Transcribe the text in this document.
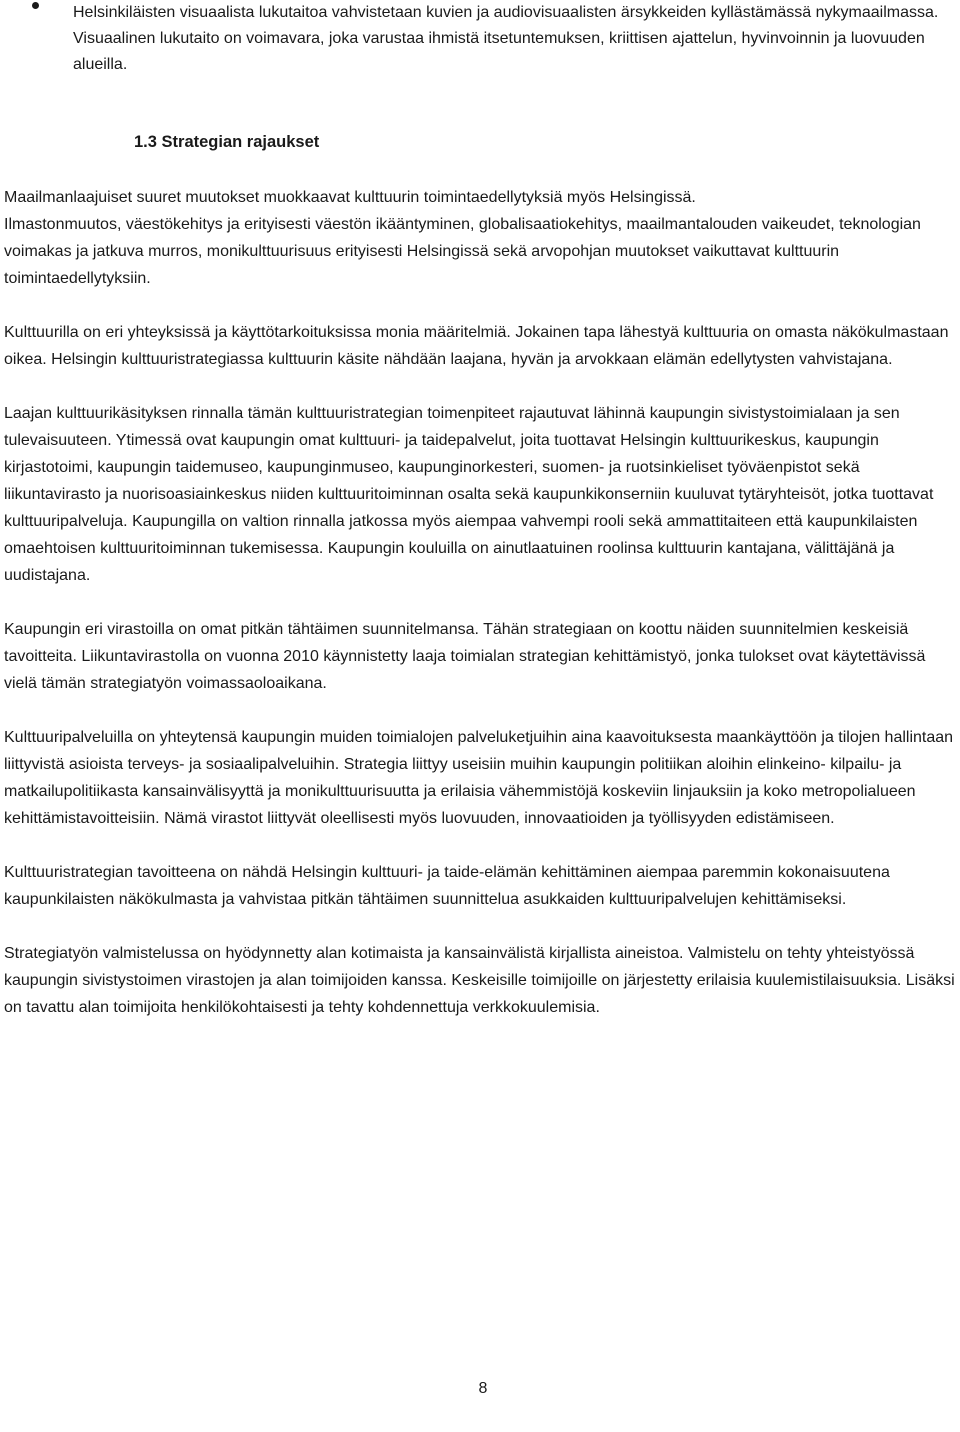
Helsinkiläisten visuaalista lukutaitoa vahvistetaan kuvien ja audiovisuaalisten ärsykkeiden kyllästämässä nykymaailmassa. Visuaalinen lukutaito on voimavara, joka varustaa ihmistä itsetuntemuksen, kriittisen ajattelun, hyvinvoinnin ja luovuuden alueilla.
1.3 Strategian rajaukset

Maailmanlaajuiset suuret muutokset muokkaavat kulttuurin toimintaedellytyksiä myös Helsingissä.

Ilmastonmuutos, väestökehitys ja erityisesti väestön ikääntyminen, globalisaatiokehitys, maailmantalouden vaikeudet, teknologian voimakas ja jatkuva murros, monikulttuurisuus erityisesti Helsingissä sekä arvopohjan muutokset vaikuttavat kulttuurin toimintaedellytyksiin.

Kulttuurilla on eri yhteyksissä ja käyttötarkoituksissa monia määritelmiä. Jokainen tapa lähestyä kulttuuria on omasta näkökulmastaan oikea. Helsingin kulttuuristrategiassa kulttuurin käsite nähdään laajana, hyvän ja arvokkaan elämän edellytysten vahvistajana.

Laajan kulttuurikäsityksen rinnalla tämän kulttuuristrategian toimenpiteet rajautuvat lähinnä kaupungin sivistystoimialaan ja sen tulevaisuuteen. Ytimessä ovat kaupungin omat kulttuuri- ja taidepalvelut, joita tuottavat Helsingin kulttuurikeskus, kaupungin kirjastotoimi, kaupungin taidemuseo, kaupunginmuseo, kaupunginorkesteri, suomen- ja ruotsinkieliset työväenpistot sekä liikuntavirasto ja nuorisoasiainkeskus niiden kulttuuritoiminnan osalta sekä kaupunkikonserniin kuuluvat tytäryhteisöt, jotka tuottavat kulttuuripalveluja. Kaupungilla on valtion rinnalla jatkossa myös aiempaa vahvempi rooli sekä ammattitaiteen että kaupunkilaisten omaehtoisen kulttuuritoiminnan tukemisessa. Kaupungin kouluilla on ainutlaatuinen roolinsa kulttuurin kantajana, välittäjänä ja uudistajana.

Kaupungin eri virastoilla on omat pitkän tähtäimen suunnitelmansa. Tähän strategiaan on koottu näiden suunnitelmien keskeisiä tavoitteita. Liikuntavirastolla on vuonna 2010 käynnistetty laaja toimialan strategian kehittämistyö, jonka tulokset ovat käytettävissä vielä tämän strategiatyön voimassaoloaikana.

Kulttuuripalveluilla on yhteytensä kaupungin muiden toimialojen palveluketjuihin aina kaavoituksesta maankäyttöön ja tilojen hallintaan liittyvistä asioista terveys- ja sosiaalipalveluihin. Strategia liittyy useisiin muihin kaupungin politiikan aloihin elinkeino- kilpailu- ja matkailupolitiikasta kansainvälisyyttä ja monikulttuurisuutta ja erilaisia vähemmistöjä koskeviin linjauksiin ja koko metropolialueen kehittämistavoitteisiin. Nämä virastot liittyvät oleellisesti myös luovuuden, innovaatioiden ja työllisyyden edistämiseen.

Kulttuuristrategian tavoitteena on nähdä Helsingin kulttuuri- ja taide-elämän kehittäminen aiempaa paremmin kokonaisuutena kaupunkilaisten näkökulmasta ja vahvistaa pitkän tähtäimen suunnittelua asukkaiden kulttuuripalvelujen kehittämiseksi.

Strategiatyön valmistelussa on hyödynnetty alan kotimaista ja kansainvälistä kirjallista aineistoa. Valmistelu on tehty yhteistyössä kaupungin sivistystoimen virastojen ja alan toimijoiden kanssa. Keskeisille toimijoille on järjestetty erilaisia kuulemistilaisuuksia. Lisäksi on tavattu alan toimijoita henkilökohtaisesti ja tehty kohdennettuja verkkokuulemisia.

8
